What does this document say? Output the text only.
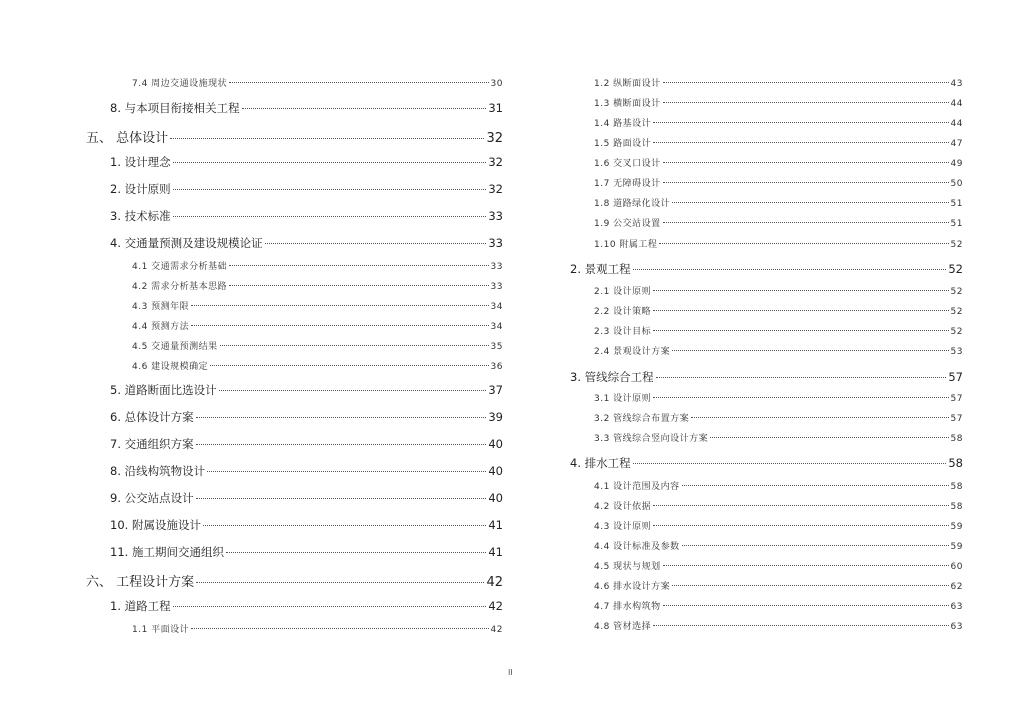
7.4 周边交通设施现状	30
8. 与本项目衔接相关工程	31
五、 总体设计	32
1. 设计理念	32
2. 设计原则	32
3. 技术标准	33
4. 交通量预测及建设规模论证	33
4.1 交通需求分析基础	33
4.2 需求分析基本思路	33
4.3 预测年限	34
4.4 预测方法	34
4.5 交通量预测结果	35
4.6 建设规模确定	36
5. 道路断面比选设计	37
6. 总体设计方案	39
7. 交通组织方案	40
8. 沿线构筑物设计	40
9. 公交站点设计	40
10. 附属设施设计	41
11. 施工期间交通组织	41
六、 工程设计方案	42
1. 道路工程	42
1.1 平面设计	42
1.2 纵断面设计	43
1.3 横断面设计	44
1.4 路基设计	44
1.5 路面设计	47
1.6 交叉口设计	49
1.7 无障碍设计	50
1.8 道路绿化设计	51
1.9 公交站设置	51
1.10 附属工程	52
2. 景观工程	52
2.1 设计原则	52
2.2 设计策略	52
2.3 设计目标	52
2.4 景观设计方案	53
3. 管线综合工程	57
3.1 设计原则	57
3.2 管线综合布置方案	57
3.3 管线综合竖向设计方案	58
4. 排水工程	58
4.1 设计范围及内容	58
4.2 设计依据	58
4.3 设计原则	59
4.4 设计标准及参数	59
4.5 现状与规划	60
4.6 排水设计方案	62
4.7 排水构筑物	63
4.8 管材选择	63
II
